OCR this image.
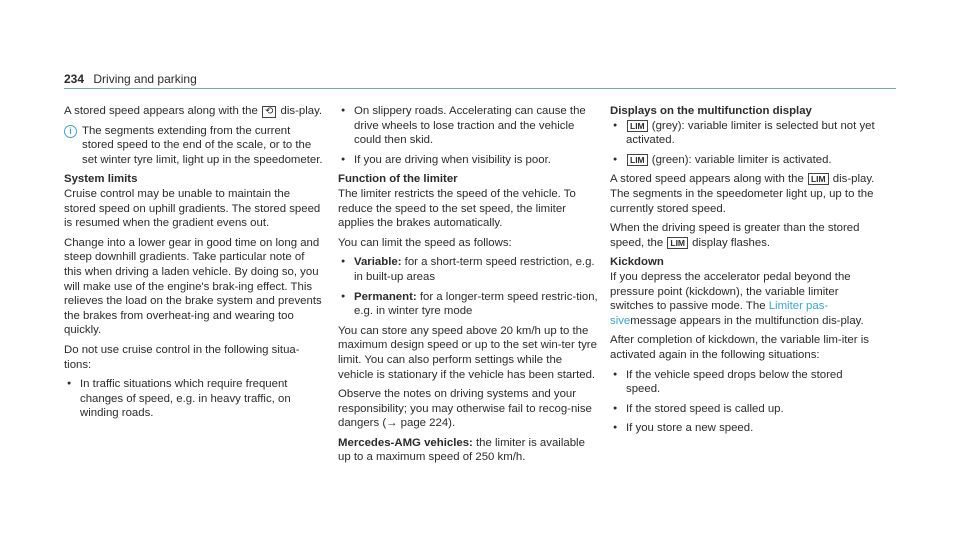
234 Driving and parking

A stored speed appears along with the ⟲ dis-play.

i The segments extending from the current stored speed to the end of the scale, or to the set winter tyre limit, light up in the speedometer.

System limits

Cruise control may be unable to maintain the stored speed on uphill gradients. The stored speed is resumed when the gradient evens out.

Change into a lower gear in good time on long and steep downhill gradients. Take particular note of this when driving a laden vehicle. By doing so, you will make use of the engine's brak-ing effect. This relieves the load on the brake system and prevents the brakes from overheat-ing and wearing too quickly.

Do not use cruise control in the following situa-tions:

● In traffic situations which require frequent changes of speed, e.g. in heavy traffic, on winding roads.
● On slippery roads. Accelerating can cause the drive wheels to lose traction and the vehicle could then skid.
● If you are driving when visibility is poor.

Function of the limiter

The limiter restricts the speed of the vehicle. To reduce the speed to the set speed, the limiter applies the brakes automatically.

You can limit the speed as follows:

● Variable: for a short-term speed restriction, e.g. in built-up areas
● Permanent: for a longer-term speed restric-tion, e.g. in winter tyre mode

You can store any speed above 20 km/h up to the maximum design speed or up to the set win-ter tyre limit. You can also perform settings while the vehicle is stationary if the vehicle has been started.

Observe the notes on driving systems and your responsibility; you may otherwise fail to recog-nise dangers (→ page 224).

Mercedes-AMG vehicles: the limiter is available up to a maximum speed of 250 km/h.

Displays on the multifunction display

● LIM (grey): variable limiter is selected but not yet activated.
● LIM (green): variable limiter is activated.

A stored speed appears along with the LIM dis-play. The segments in the speedometer light up, up to the currently stored speed.

When the driving speed is greater than the stored speed, the LIM display flashes.

Kickdown

If you depress the accelerator pedal beyond the pressure point (kickdown), the variable limiter switches to passive mode. The Limiter pas-sivemessage appears in the multifunction dis-play.

After completion of kickdown, the variable lim-iter is activated again in the following situations:

● If the vehicle speed drops below the stored speed.
● If the stored speed is called up.
● If you store a new speed.
